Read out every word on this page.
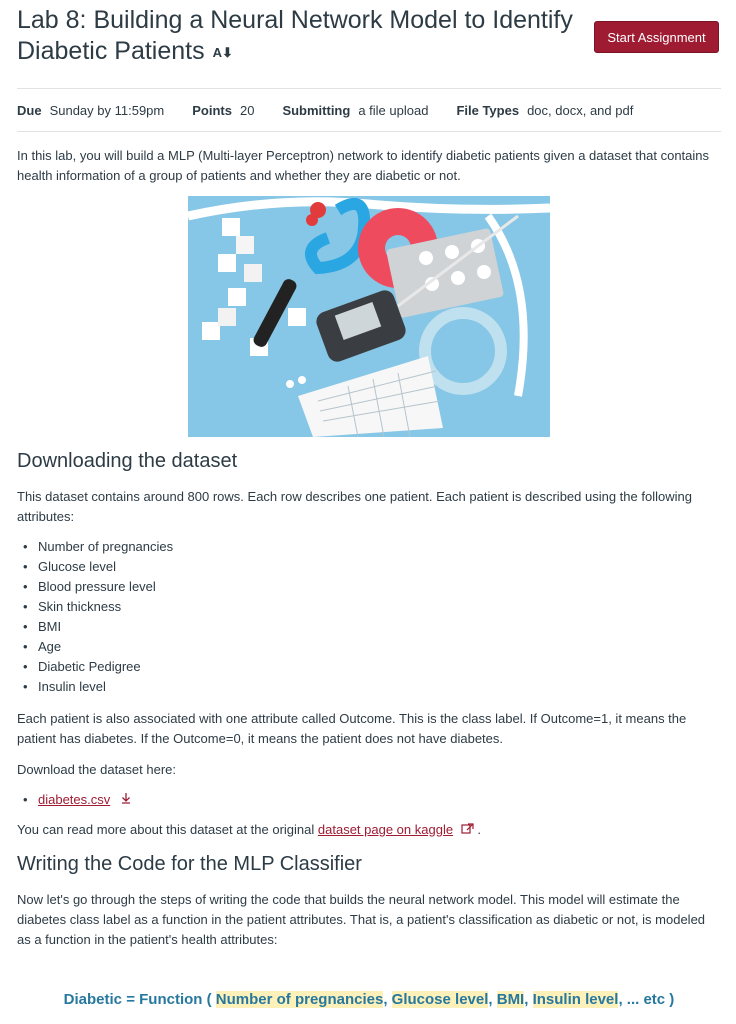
Lab 8: Building a Neural Network Model to Identify Diabetic Patients A⬇
Start Assignment
Due Sunday by 11:59pm Points 20 Submitting a file upload File Types doc, docx, and pdf

In this lab, you will build a MLP (Multi-layer Perceptron) network to identify diabetic patients given a dataset that contains health information of a group of patients and whether they are diabetic or not.

Downloading the dataset

This dataset contains around 800 rows. Each row describes one patient. Each patient is described using the following attributes:

• Number of pregnancies
• Glucose level
• Blood pressure level
• Skin thickness
• BMI
• Age
• Diabetic Pedigree
• Insulin level

Each patient is also associated with one attribute called Outcome. This is the class label. If Outcome=1, it means the patient has diabetes. If the Outcome=0, it means the patient does not have diabetes.

Download the dataset here:

• diabetes.csv

You can read more about this dataset at the original dataset page on kaggle .

Writing the Code for the MLP Classifier

Now let's go through the steps of writing the code that builds the neural network model. This model will estimate the diabetes class label as a function in the patient attributes. That is, a patient's classification as diabetic or not, is modeled as a function in the patient's health attributes:

Diabetic = Function ( Number of pregnancies, Glucose level, BMI, Insulin level, ... etc )
